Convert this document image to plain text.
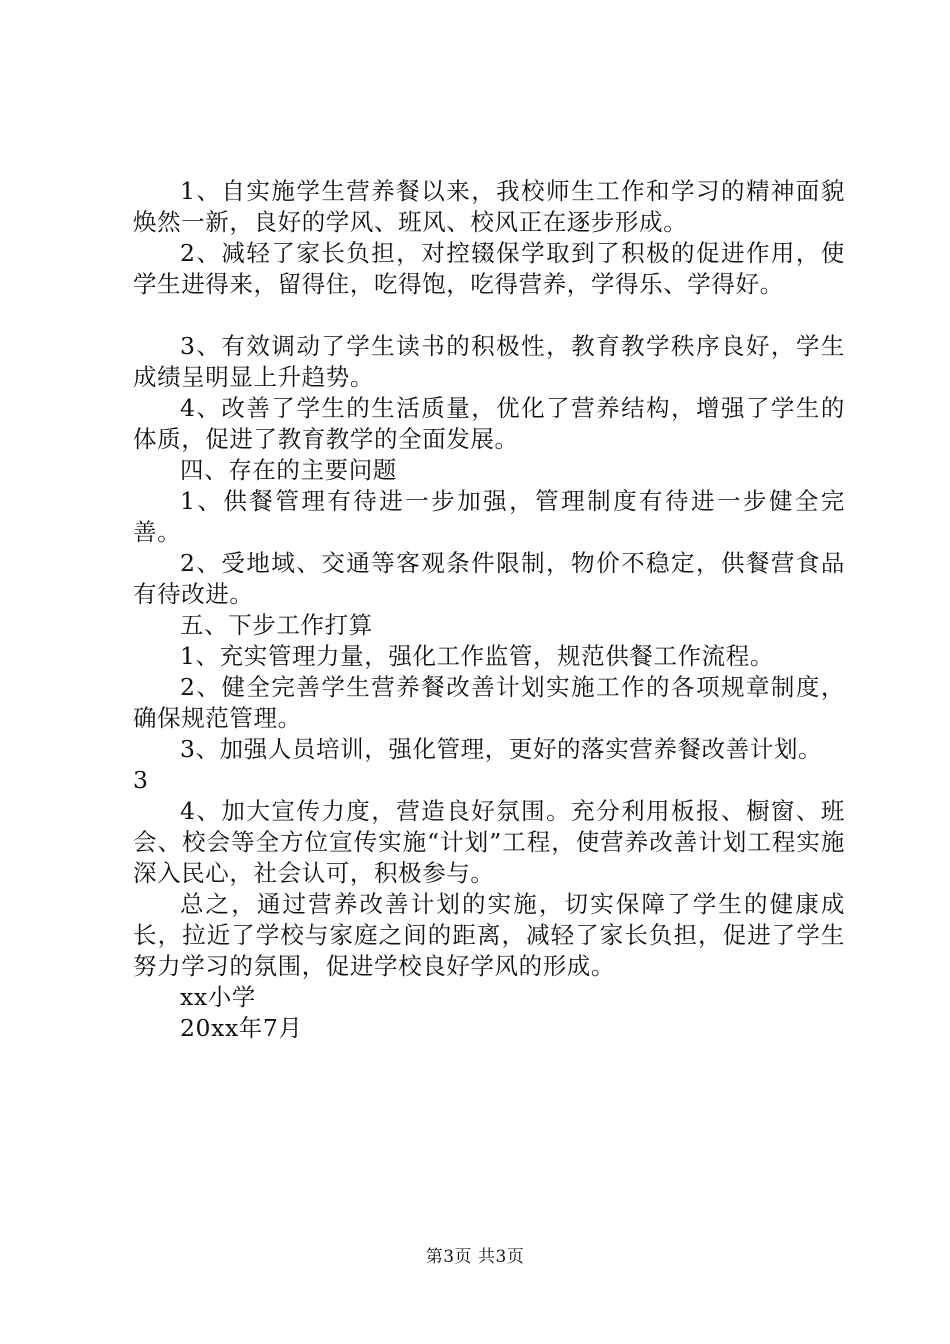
1、自实施学生营养餐以来，我校师生工作和学习的精神面貌焕然一新，良好的学风、班风、校风正在逐步形成。

2、减轻了家长负担，对控辍保学取到了积极的促进作用，使学生进得来，留得住，吃得饱，吃得营养，学得乐、学得好。

3、有效调动了学生读书的积极性，教育教学秩序良好，学生成绩呈明显上升趋势。

4、改善了学生的生活质量，优化了营养结构，增强了学生的体质，促进了教育教学的全面发展。

四、存在的主要问题

1、供餐管理有待进一步加强，管理制度有待进一步健全完善。

2、受地域、交通等客观条件限制，物价不稳定，供餐营食品有待改进。

五、下步工作打算

1、充实管理力量，强化工作监管，规范供餐工作流程。

2、健全完善学生营养餐改善计划实施工作的各项规章制度，确保规范管理。

3、加强人员培训，强化管理，更好的落实营养餐改善计划。

3

4、加大宣传力度，营造良好氛围。充分利用板报、橱窗、班会、校会等全方位宣传实施“计划”工程，使营养改善计划工程实施深入民心，社会认可，积极参与。

总之，通过营养改善计划的实施，切实保障了学生的健康成长，拉近了学校与家庭之间的距离，减轻了家长负担，促进了学生努力学习的氛围，促进学校良好学风的形成。

xx小学

20xx年7月

第3页 共3页
